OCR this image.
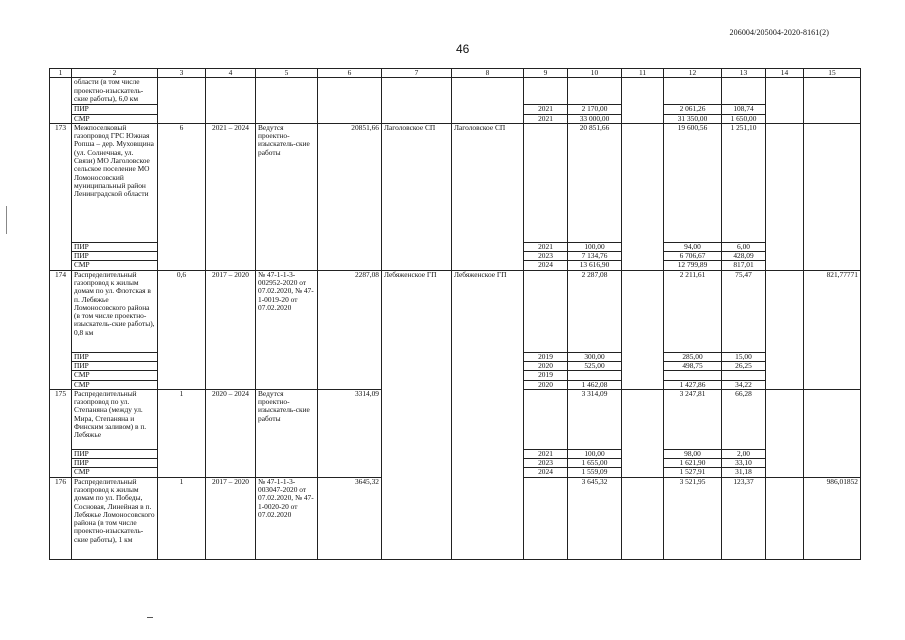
206004/205004-2020-8161(2)
46
1	2	3	4	5	6	7	8	9	10	11	12	13	14	15
	области (в том числе проектно-изыскатель-ские работы), 6,0 км													
	ПИР							2021	2 170,00		2 061,26	108,74		
	СМР							2021	33 000,00		31 350,00	1 650,00		
173	Межпоселковый газопровод ГРС Южная Ропша – дер. Муховщина (ул. Солнечная, ул. Связи) МО Лаголовское сельское поселение МО Ломоносовский муниципальный район Ленинградской области	6	2021 – 2024	Ведутся проектно-изыскатель-ские работы	20851,66	Лаголовское СП	Лаголовское СП		20 851,66		19 600,56	1 251,10		
	ПИР							2021	100,00		94,00	6,00		
	ПИР							2023	7 134,76		6 706,67	428,09		
	СМР							2024	13 616,90		12 799,89	817,01		
174	Распределительный газопровод к жилым домам по ул. Флотская в п. Лебяжье Ломоносовского района (в том числе проектно-изыскатель-ские работы), 0,8 км	0,6	2017 – 2020	№ 47-1-1-3-002952-2020 от 07.02.2020, № 47-1-0019-20 от 07.02.2020	2287,08	Лебяженское ГП	Лебяженское ГП		2 287,08		2 211,61	75,47		821,77771
	ПИР							2019	300,00		285,00	15,00		
	ПИР							2020	525,00		498,75	26,25		
	СМР							2019						
	СМР							2020	1 462,08		1 427,86	34,22		
175	Распределительный газопровод по ул. Степаняна (между ул. Мира, Степаняна и Финским заливом) в п. Лебяжье	1	2020 – 2024	Ведутся проектно-изыскатель-ские работы	3314,09				3 314,09		3 247,81	66,28		
	ПИР							2021	100,00		98,00	2,00		
	ПИР							2023	1 655,00		1 621,90	33,10		
	СМР							2024	1 559,09		1 527,91	31,18		
176	Распределительный газопровод к жилым домам по ул. Победы, Сосновая, Линейная в п. Лебяжье Ломоносовского района (в том числе проектно-изыскатель-ские работы), 1 км	1	2017 – 2020	№ 47-1-1-3-003047-2020 от 07.02.2020, № 47-1-0020-20 от 07.02.2020	3645,32				3 645,32		3 521,95	123,37		986,01852
